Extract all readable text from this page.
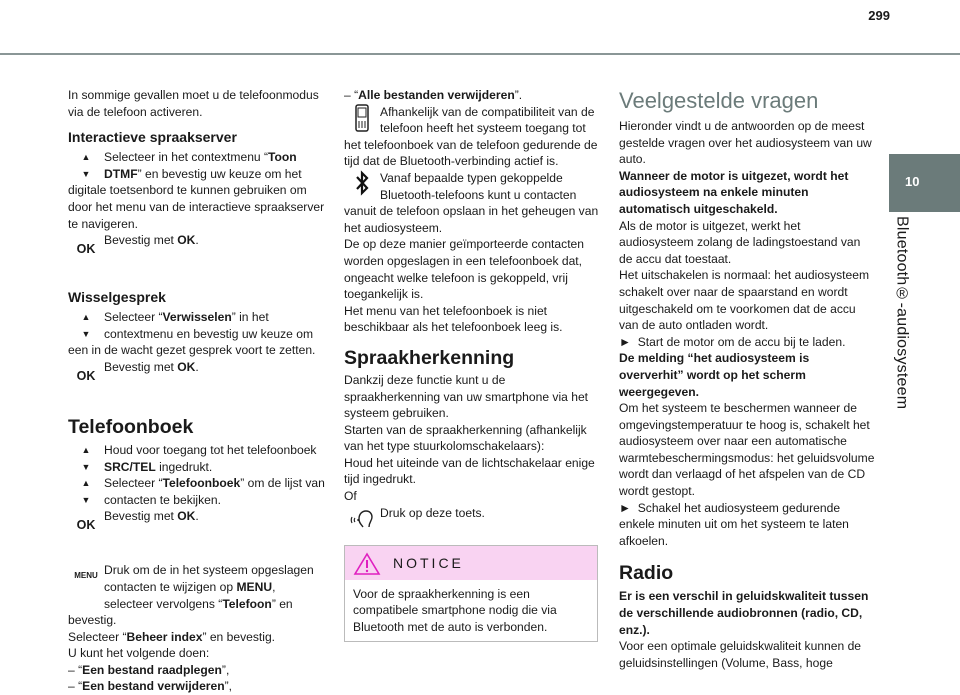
299
10
Bluetooth®-audiosysteem

In sommige gevallen moet u de telefoonmodus via de telefoon activeren.

Interactieve spraakserver
▲
▼

Selecteer in het contextmenu “Toon DTMF” en bevestig uw keuze om het digitale toetsenbord te kunnen gebruiken om door het menu van de interactieve spraakserver te navigeren.

OK

Bevestig met OK.

Wisselgesprek
▲
▼

Selecteer “Verwisselen” in het contextmenu en bevestig uw keuze om een in de wacht gezet gesprek voort te zetten.

OK

Bevestig met OK.

Telefoonboek
▲
▼

Houd voor toegang tot het telefoonboek SRC/TEL ingedrukt.

▲
▼

Selecteer “Telefoonboek” om de lijst van contacten te bekijken.

OK

Bevestig met OK.

MENU Druk om de in het systeem opgeslagen contacten te wijzigen op MENU, selecteer vervolgens “Telefoon” en bevestig.

Selecteer “Beheer index” en bevestig.

U kunt het volgende doen:

– “Een bestand raadplegen”,

– “Een bestand verwijderen”,

– “Alle bestanden verwijderen”.

Afhankelijk van de compatibiliteit van de telefoon heeft het systeem toegang tot het telefoonboek van de telefoon gedurende de tijd dat de Bluetooth-verbinding actief is.

Vanaf bepaalde typen gekoppelde Bluetooth-telefoons kunt u contacten vanuit de telefoon opslaan in het geheugen van het audiosysteem.

De op deze manier geïmporteerde contacten worden opgeslagen in een telefoonboek dat, ongeacht welke telefoon is gekoppeld, vrij toegankelijk is.

Het menu van het telefoonboek is niet beschikbaar als het telefoonboek leeg is.

Spraakherkenning

Dankzij deze functie kunt u de spraakherkenning van uw smartphone via het systeem gebruiken.

Starten van de spraakherkenning (afhankelijk van het type stuurkolomschakelaars):

Houd het uiteinde van de lichtschakelaar enige tijd ingedrukt.

Of

Druk op deze toets.

NOTICE
Voor de spraakherkenning is een compatibele smartphone nodig die via Bluetooth met de auto is verbonden.
Veelgestelde vragen

Hieronder vindt u de antwoorden op de meest gestelde vragen over het audiosysteem van uw auto.

Wanneer de motor is uitgezet, wordt het audiosysteem na enkele minuten automatisch uitgeschakeld.

Als de motor is uitgezet, werkt het audiosysteem zolang de ladingstoestand van de accu dat toestaat.

Het uitschakelen is normaal: het audiosysteem schakelt over naar de spaarstand en wordt uitgeschakeld om te voorkomen dat de accu van de auto ontladen wordt.

►  Start de motor om de accu bij te laden.

De melding “het audiosysteem is oververhit” wordt op het scherm weergegeven.

Om het systeem te beschermen wanneer de omgevingstemperatuur te hoog is, schakelt het audiosysteem over naar een automatische warmtebeschermingsmodus: het geluidsvolume wordt dan verlaagd of het afspelen van de CD wordt gestopt.

►  Schakel het audiosysteem gedurende enkele minuten uit om het systeem te laten afkoelen.

Radio

Er is een verschil in geluidskwaliteit tussen de verschillende audiobronnen (radio, CD, enz.).

Voor een optimale geluidskwaliteit kunnen de geluidsinstellingen (Volume, Bass, hoge
